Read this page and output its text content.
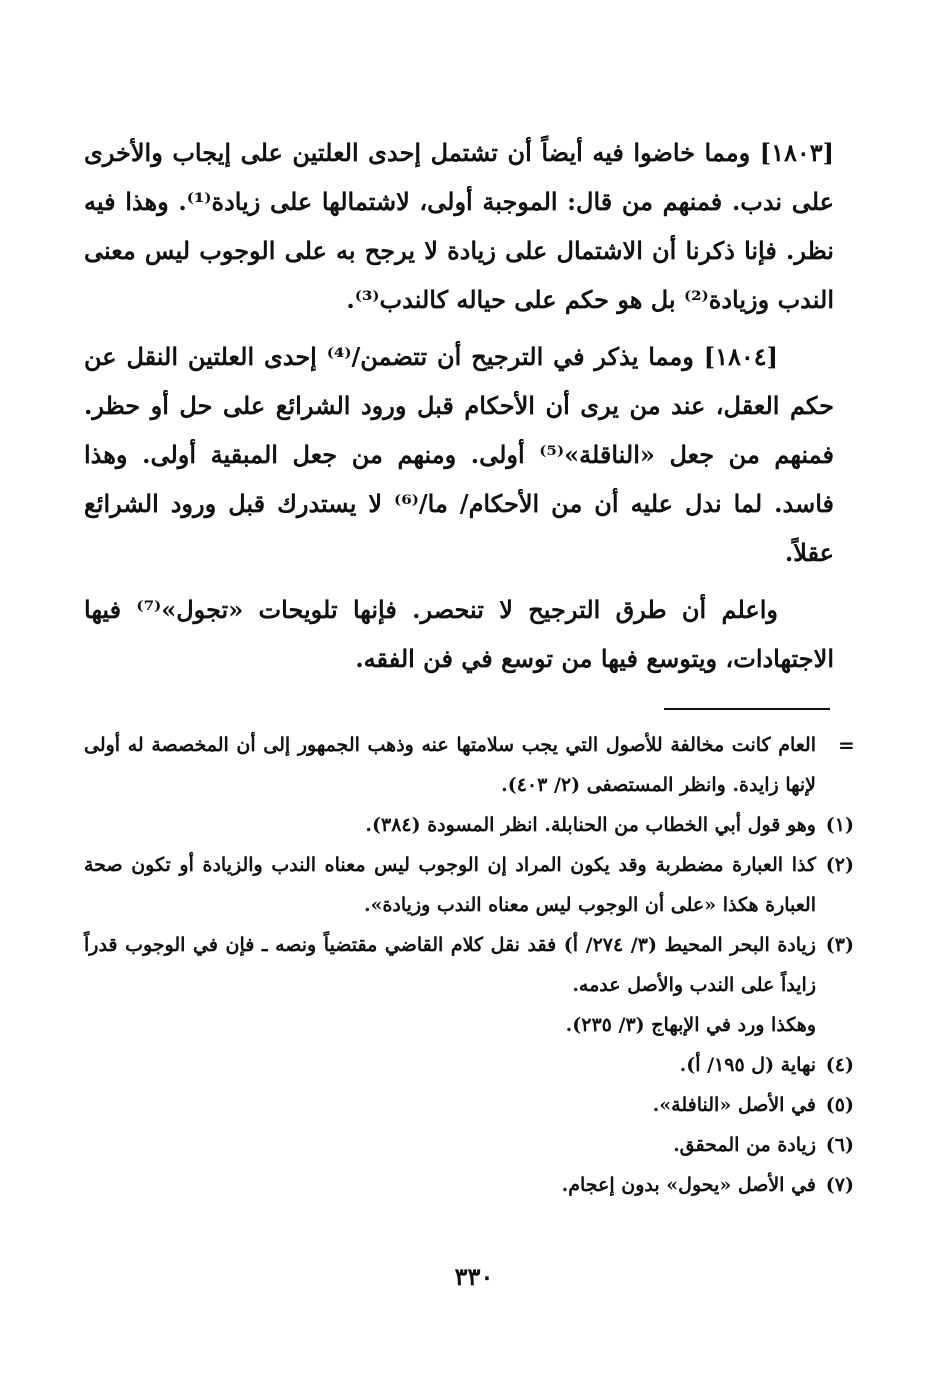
[١٨٠٣] ومما خاضوا فيه أيضاً أن تشتمل إحدى العلتين على إيجاب والأخرى على ندب. فمنهم من قال: الموجبة أولى، لاشتمالها على زيادة⁽¹⁾. وهذا فيه نظر. فإنا ذكرنا أن الاشتمال على زيادة لا يرجح به على الوجوب ليس معنى الندب وزيادة⁽²⁾ بل هو حكم على حياله كالندب⁽³⁾.

[١٨٠٤] ومما يذكر في الترجيح أن تتضمن/⁽⁴⁾ إحدى العلتين النقل عن حكم العقل، عند من يرى أن الأحكام قبل ورود الشرائع على حل أو حظر. فمنهم من جعل «الناقلة»⁽⁵⁾ أولى. ومنهم من جعل المبقية أولى. وهذا فاسد. لما ندل عليه أن من الأحكام/ ما/⁽⁶⁾ لا يستدرك قبل ورود الشرائع عقلاً.

واعلم أن طرق الترجيح لا تنحصر. فإنها تلويحات «تجول»⁽⁷⁾ فيها الاجتهادات، ويتوسع فيها من توسع في فن الفقه.

=
العام كانت مخالفة للأصول التي يجب سلامتها عنه وذهب الجمهور إلى أن المخصصة له أولى لإنها زايدة. وانظر المستصفى (٢/ ٤٠٣).
(١)
وهو قول أبي الخطاب من الحنابلة. انظر المسودة (٣٨٤).
(٢)
كذا العبارة مضطربة وقد يكون المراد إن الوجوب ليس معناه الندب والزيادة أو تكون صحة العبارة هكذا «على أن الوجوب ليس معناه الندب وزيادة».
(٣)
زيادة البحر المحيط (٣/ ٢٧٤/ أ) فقد نقل كلام القاضي مقتضياً ونصه ـ فإن في الوجوب قدراً زايداً على الندب والأصل عدمه.
وهكذا ورد في الإبهاج (٣/ ٢٣٥).
(٤)
نهاية (ل ١٩٥/ أ).
(٥)
في الأصل «النافلة».
(٦)
زيادة من المحقق.
(٧)
في الأصل «يحول» بدون إعجام.
٣٣٠
